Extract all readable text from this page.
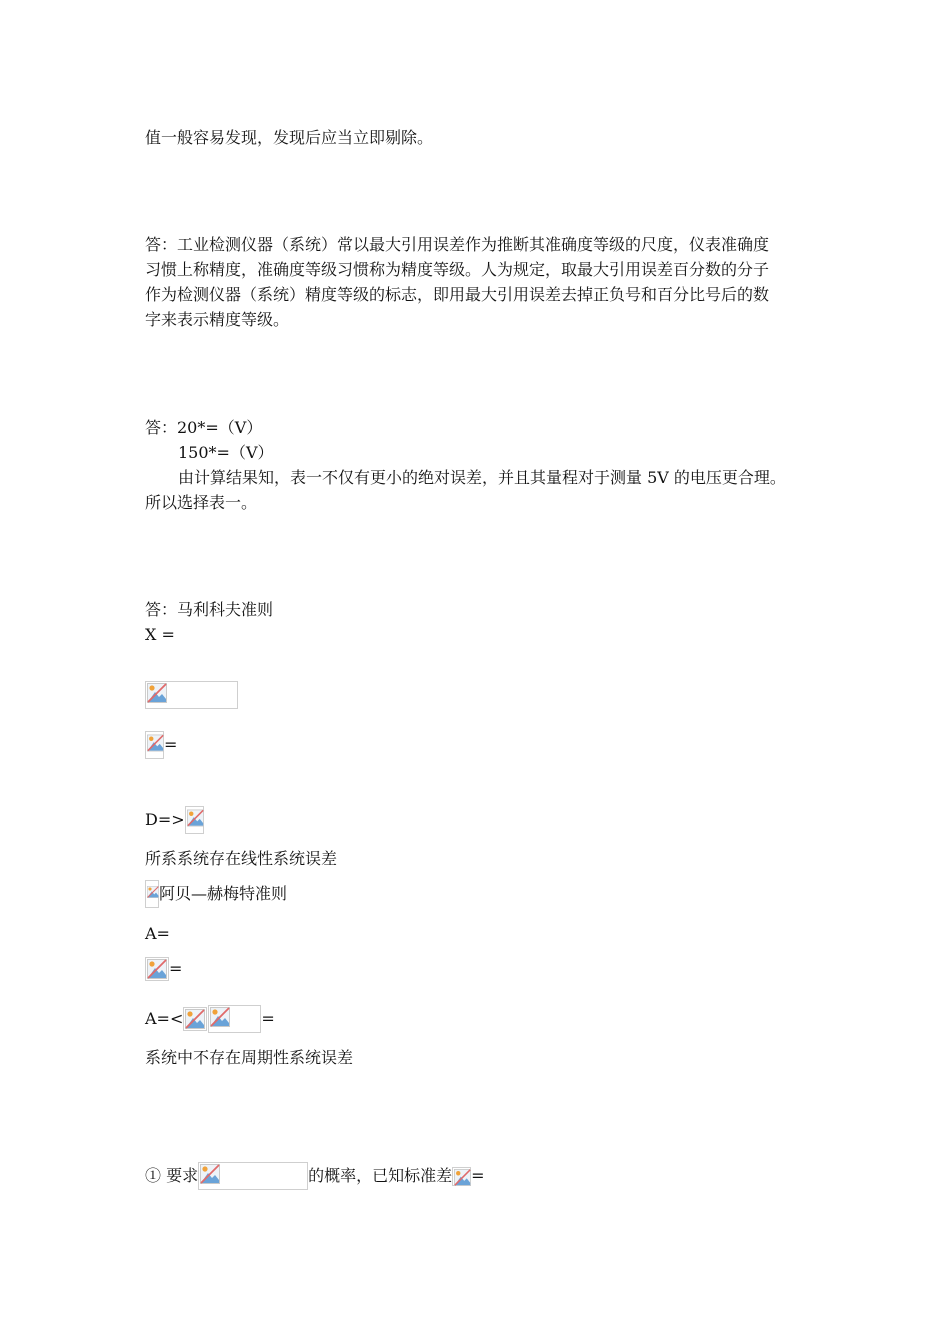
值一般容易发现，发现后应当立即剔除。
答：工业检测仪器（系统）常以最大引用误差作为推断其准确度等级的尺度，仪表准确度
习惯上称精度，准确度等级习惯称为精度等级。人为规定，取最大引用误差百分数的分子
作为检测仪器（系统）精度等级的标志，即用最大引用误差去掉正负号和百分比号后的数
字来表示精度等级。
答：20*=（V）
150*=（V）
由计算结果知，表一不仅有更小的绝对误差，并且其量程对于测量 5V 的电压更合理。
所以选择表一。
答：马利科夫准则
X =
=
D=>
所系系统存在线性系统误差
阿贝—赫梅特准则
A=
=
A=<	=
系统中不存在周期性系统误差
① 要求	的概率，已知标准差 =
